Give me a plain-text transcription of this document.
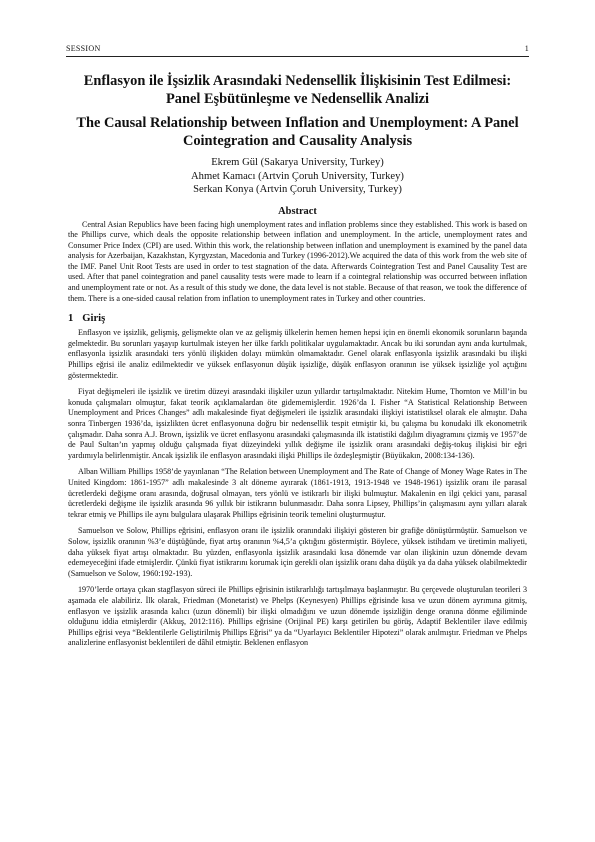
SESSION	1
Enflasyon ile İşsizlik Arasındaki Nedensellik İlişkisinin Test Edilmesi: Panel Eşbütünleşme ve Nedensellik Analizi
The Causal Relationship between Inflation and Unemployment: A Panel Cointegration and Causality Analysis
Ekrem Gül (Sakarya University, Turkey)
Ahmet Kamacı (Artvin Çoruh University, Turkey)
Serkan Konya (Artvin Çoruh University, Turkey)
Abstract

Central Asian Republics have been facing high unemployment rates and inflation problems since they established. This work is based on the Phillips curve, which deals the opposite relationship between inflation and unemployment. In the article, unemployment rates and Consumer Price Index (CPI) are used. Within this work, the relationship between inflation and unemployment is examined by the panel data analysis for Azerbaijan, Kazakhstan, Kyrgyzstan, Macedonia and Turkey (1996-2012).We acquired the data of this work from the web site of the IMF. Panel Unit Root Tests are used in order to test stagnation of the data. Afterwards Cointegration Test and Panel Causality Test are used. After that panel cointegration and panel causality tests were made to learn if a cointegral relationship was occurred between inflation and unemployment rate or not. As a result of this study we done, the data level is not stable. Because of that reason, we took the difference of them. There is a one-sided causal relation from inflation to unemployment rates in Turkey and other countries.

1 Giriş

Enflasyon ve işsizlik, gelişmiş, gelişmekte olan ve az gelişmiş ülkelerin hemen hemen hepsi için en önemli ekonomik sorunların başında gelmektedir. Bu sorunları yaşayıp kurtulmak isteyen her ülke farklı politikalar uygulamaktadır. Ancak bu iki sorundan aynı anda kurtulmak, enflasyonla işsizlik arasındaki ters yönlü ilişkiden dolayı mümkün olmamaktadır. Genel olarak enflasyonla işsizlik arasındaki bu ilişki Phillips eğrisi ile analiz edilmektedir ve yüksek enflasyonun düşük işsizliğe, düşük enflasyon oranının ise yüksek işsizliğe yol açtığını göstermektedir.

Fiyat değişmeleri ile işsizlik ve üretim düzeyi arasındaki ilişkiler uzun yıllardır tartışılmaktadır. Nitekim Hume, Thornton ve Mill’in bu konuda çalışmaları olmuştur, fakat teorik açıklamalardan öte gidememişlerdir. 1926’da I. Fisher “A Statistical Relationship Between Unemployment and Prices Changes” adlı makalesinde fiyat değişmeleri ile işsizlik arasındaki ilişkiyi istatistiksel olarak ele almıştır. Daha sonra Tinbergen 1936’da, işsizlikten ücret enflasyonuna doğru bir nedensellik tespit etmiştir ki, bu çalışma bu konudaki ilk ekonometrik çalışmadır. Daha sonra A.J. Brown, işsizlik ve ücret enflasyonu arasındaki çalışmasında ilk istatistiki dağılım diyagramını çizmiş ve 1957’de de Paul Sultan’ın yapmış olduğu çalışmada fiyat düzeyindeki yıllık değişme ile işsizlik oranı arasındaki değiş-tokuş ilişkisi bir eğri yardımıyla belirlenmiştir. Ancak işsizlik ile enflasyon arasındaki ilişki Phillips ile özdeşleşmiştir (Büyükakın, 2008:134-136).

Alban William Phillips 1958’de yayınlanan “The Relation between Unemployment and The Rate of Change of Money Wage Rates in The United Kingdom: 1861-1957” adlı makalesinde 3 alt döneme ayırarak (1861-1913, 1913-1948 ve 1948-1961) işsizlik oranı ile parasal ücretlerdeki değişme oranı arasında, doğrusal olmayan, ters yönlü ve istikrarlı bir ilişki bulmuştur. Makalenin en ilgi çekici yanı, parasal ücretlerdeki değişme ile işsizlik arasında 96 yıllık bir istikrarın bulunmasıdır. Daha sonra Lipsey, Phillips’in çalışmasını aynı yılları alarak tekrar etmiş ve Phillips ile aynı bulgulara ulaşarak Phillips eğrisinin teorik temelini oluşturmuştur.

Samuelson ve Solow, Phillips eğrisini, enflasyon oranı ile işsizlik oranındaki ilişkiyi gösteren bir grafiğe dönüştürmüştür. Samuelson ve Solow, işsizlik oranının %3’e düştüğünde, fiyat artış oranının %4,5’a çıktığını göstermiştir. Böylece, yüksek istihdam ve üretimin maliyeti, daha yüksek fiyat artışı olmaktadır. Bu yüzden, enflasyonla işsizlik arasındaki kısa dönemde var olan ilişkinin uzun dönemde devam edemeyeceğini ifade etmişlerdir. Çünkü fiyat istikrarını korumak için gerekli olan işsizlik oranı daha düşük ya da daha yüksek olabilmektedir (Samuelson ve Solow, 1960:192-193).

1970’lerde ortaya çıkan stagflasyon süreci ile Phillips eğrisinin istikrarlılığı tartışılmaya başlanmıştır. Bu çerçevede oluşturulan teorileri 3 aşamada ele alabiliriz. İlk olarak, Friedman (Monetarist) ve Phelps (Keynesyen) Phillips eğrisinde kısa ve uzun dönem ayrımına gitmiş, enflasyon ve işsizlik arasında kalıcı (uzun dönemli) bir ilişki olmadığını ve uzun dönemde işsizliğin denge oranına dönme eğiliminde olduğunu iddia etmişlerdir (Akkuş, 2012:116). Phillips eğrisine (Orijinal PE) karşı getirilen bu görüş, Adaptif Beklentiler ilave edilmiş Phillips eğrisi veya “Beklentilerle Geliştirilmiş Phillips Eğrisi” ya da “Uyarlayıcı Beklentiler Hipotezi” olarak anılmıştır. Friedman ve Phelps analizlerine enflasyonist beklentileri de dâhil etmiştir. Beklenen enflasyon
